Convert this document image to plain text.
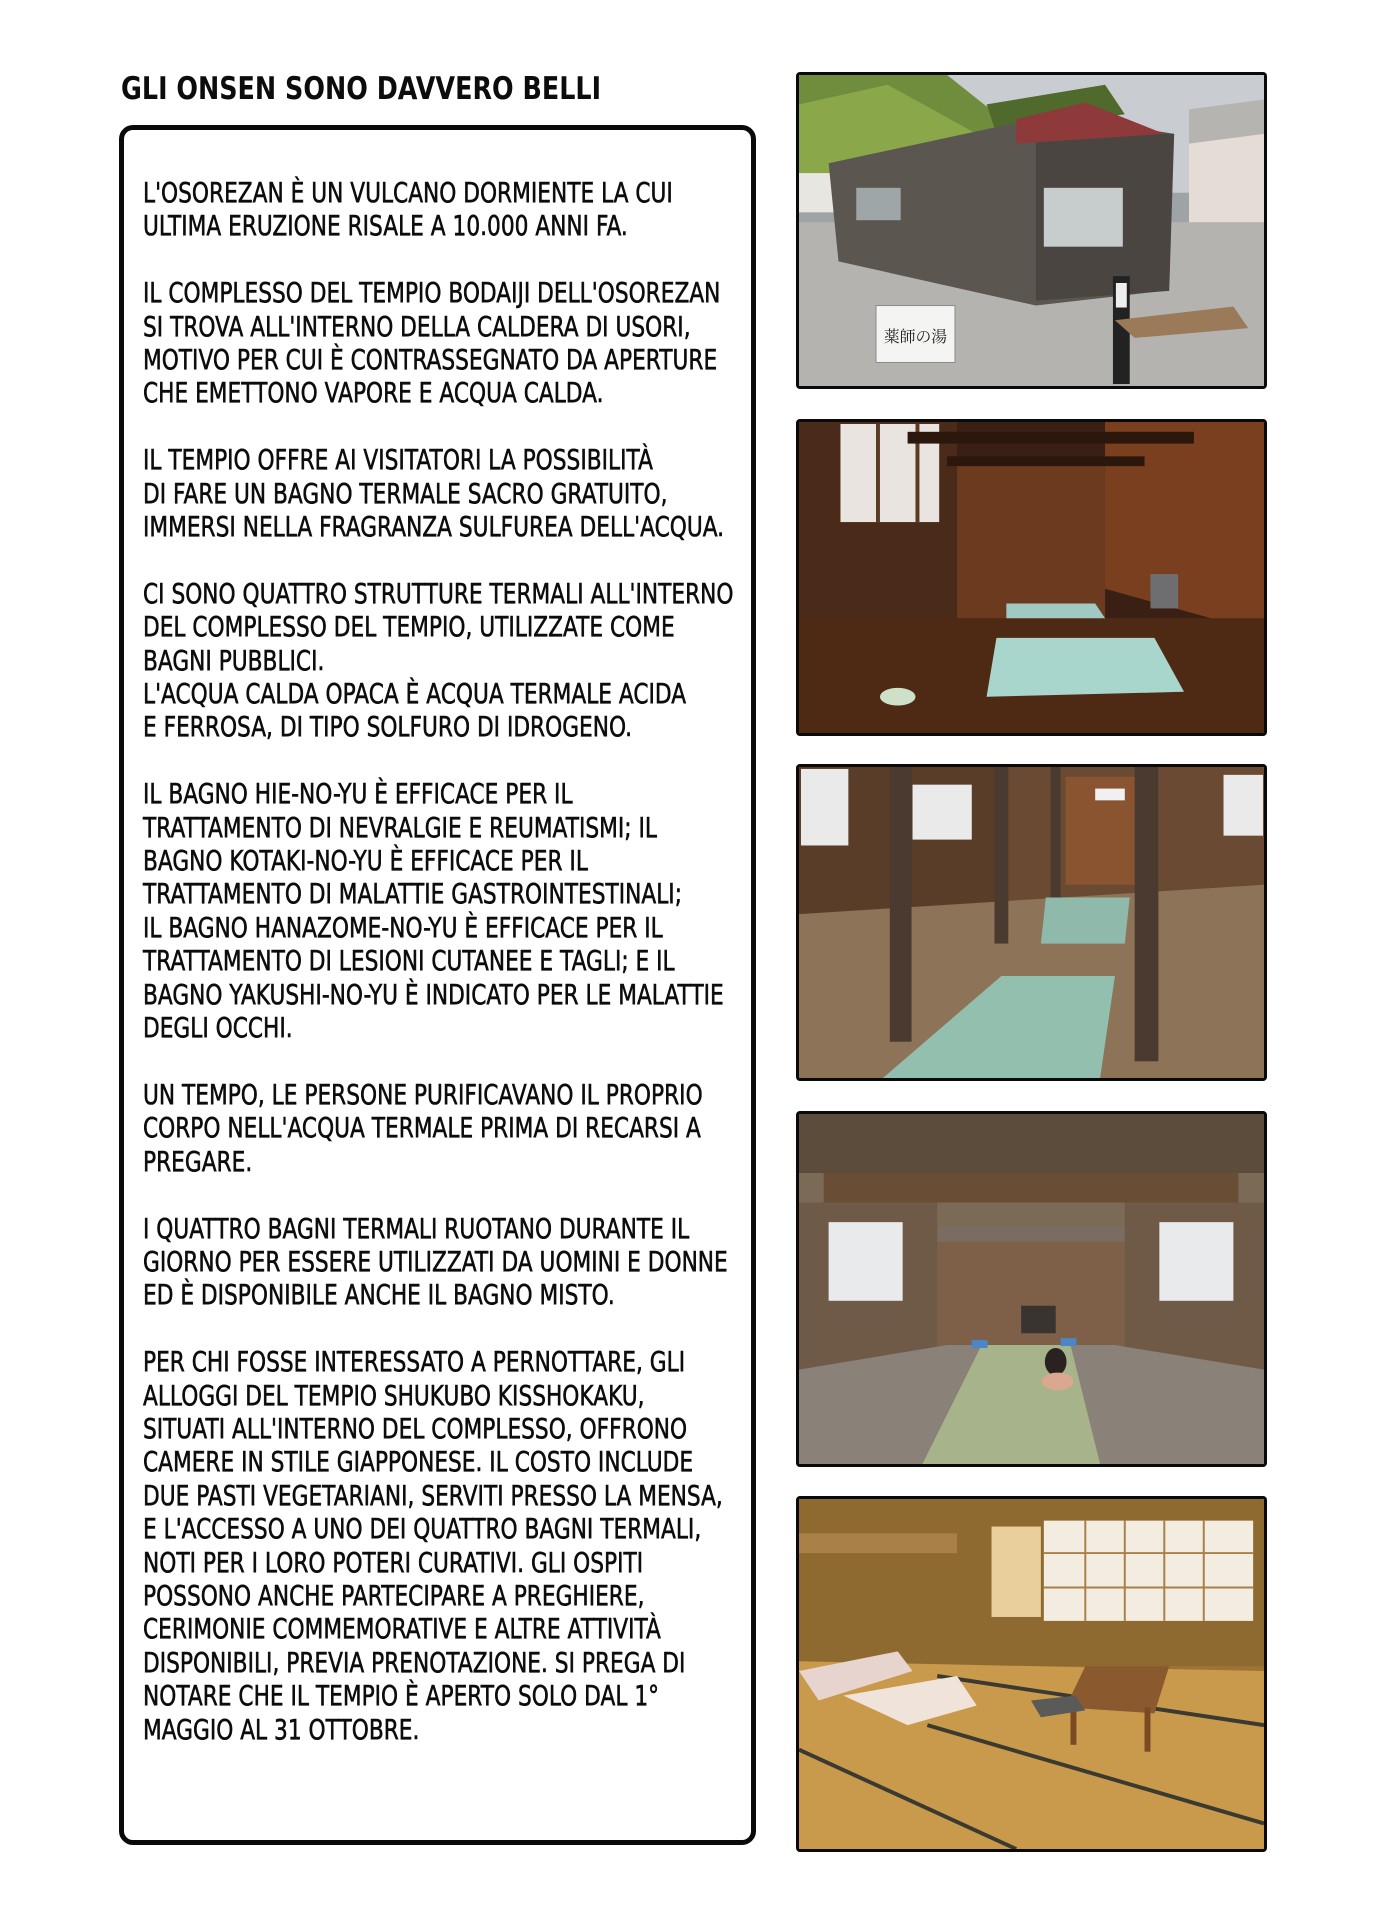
GLI ONSEN SONO DAVVERO BELLI
L'OSOREZAN È UN VULCANO DORMIENTE LA CUI
ULTIMA ERUZIONE RISALE A 10.000 ANNI FA.
IL COMPLESSO DEL TEMPIO BODAIJI DELL'OSOREZAN
SI TROVA ALL'INTERNO DELLA CALDERA DI USORI,
MOTIVO PER CUI È CONTRASSEGNATO DA APERTURE
CHE EMETTONO VAPORE E ACQUA CALDA.
IL TEMPIO OFFRE AI VISITATORI LA POSSIBILITÀ
DI FARE UN BAGNO TERMALE SACRO GRATUITO,
IMMERSI NELLA FRAGRANZA SULFUREA DELL'ACQUA.
CI SONO QUATTRO STRUTTURE TERMALI ALL'INTERNO
DEL COMPLESSO DEL TEMPIO, UTILIZZATE COME
BAGNI PUBBLICI.
L'ACQUA CALDA OPACA È ACQUA TERMALE ACIDA
E FERROSA, DI TIPO SOLFURO DI IDROGENO.
IL BAGNO HIE-NO-YU È EFFICACE PER IL
TRATTAMENTO DI NEVRALGIE E REUMATISMI; IL
BAGNO KOTAKI-NO-YU È EFFICACE PER IL
TRATTAMENTO DI MALATTIE GASTROINTESTINALI;
IL BAGNO HANAZOME-NO-YU È EFFICACE PER IL
TRATTAMENTO DI LESIONI CUTANEE E TAGLI; E IL
BAGNO YAKUSHI-NO-YU È INDICATO PER LE MALATTIE
DEGLI OCCHI.
UN TEMPO, LE PERSONE PURIFICAVANO IL PROPRIO
CORPO NELL'ACQUA TERMALE PRIMA DI RECARSI A
PREGARE.
I QUATTRO BAGNI TERMALI RUOTANO DURANTE IL
GIORNO PER ESSERE UTILIZZATI DA UOMINI E DONNE
ED È DISPONIBILE ANCHE IL BAGNO MISTO.
PER CHI FOSSE INTERESSATO A PERNOTTARE, GLI
ALLOGGI DEL TEMPIO SHUKUBO KISSHOKAKU,
SITUATI ALL'INTERNO DEL COMPLESSO, OFFRONO
CAMERE IN STILE GIAPPONESE. IL COSTO INCLUDE
DUE PASTI VEGETARIANI, SERVITI PRESSO LA MENSA,
E L'ACCESSO A UNO DEI QUATTRO BAGNI TERMALI,
NOTI PER I LORO POTERI CURATIVI. GLI OSPITI
POSSONO ANCHE PARTECIPARE A PREGHIERE,
CERIMONIE COMMEMORATIVE E ALTRE ATTIVITÀ
DISPONIBILI, PREVIA PRENOTAZIONE. SI PREGA DI
NOTARE CHE IL TEMPIO È APERTO SOLO DAL 1°
MAGGIO AL 31 OTTOBRE.
薬師の湯
